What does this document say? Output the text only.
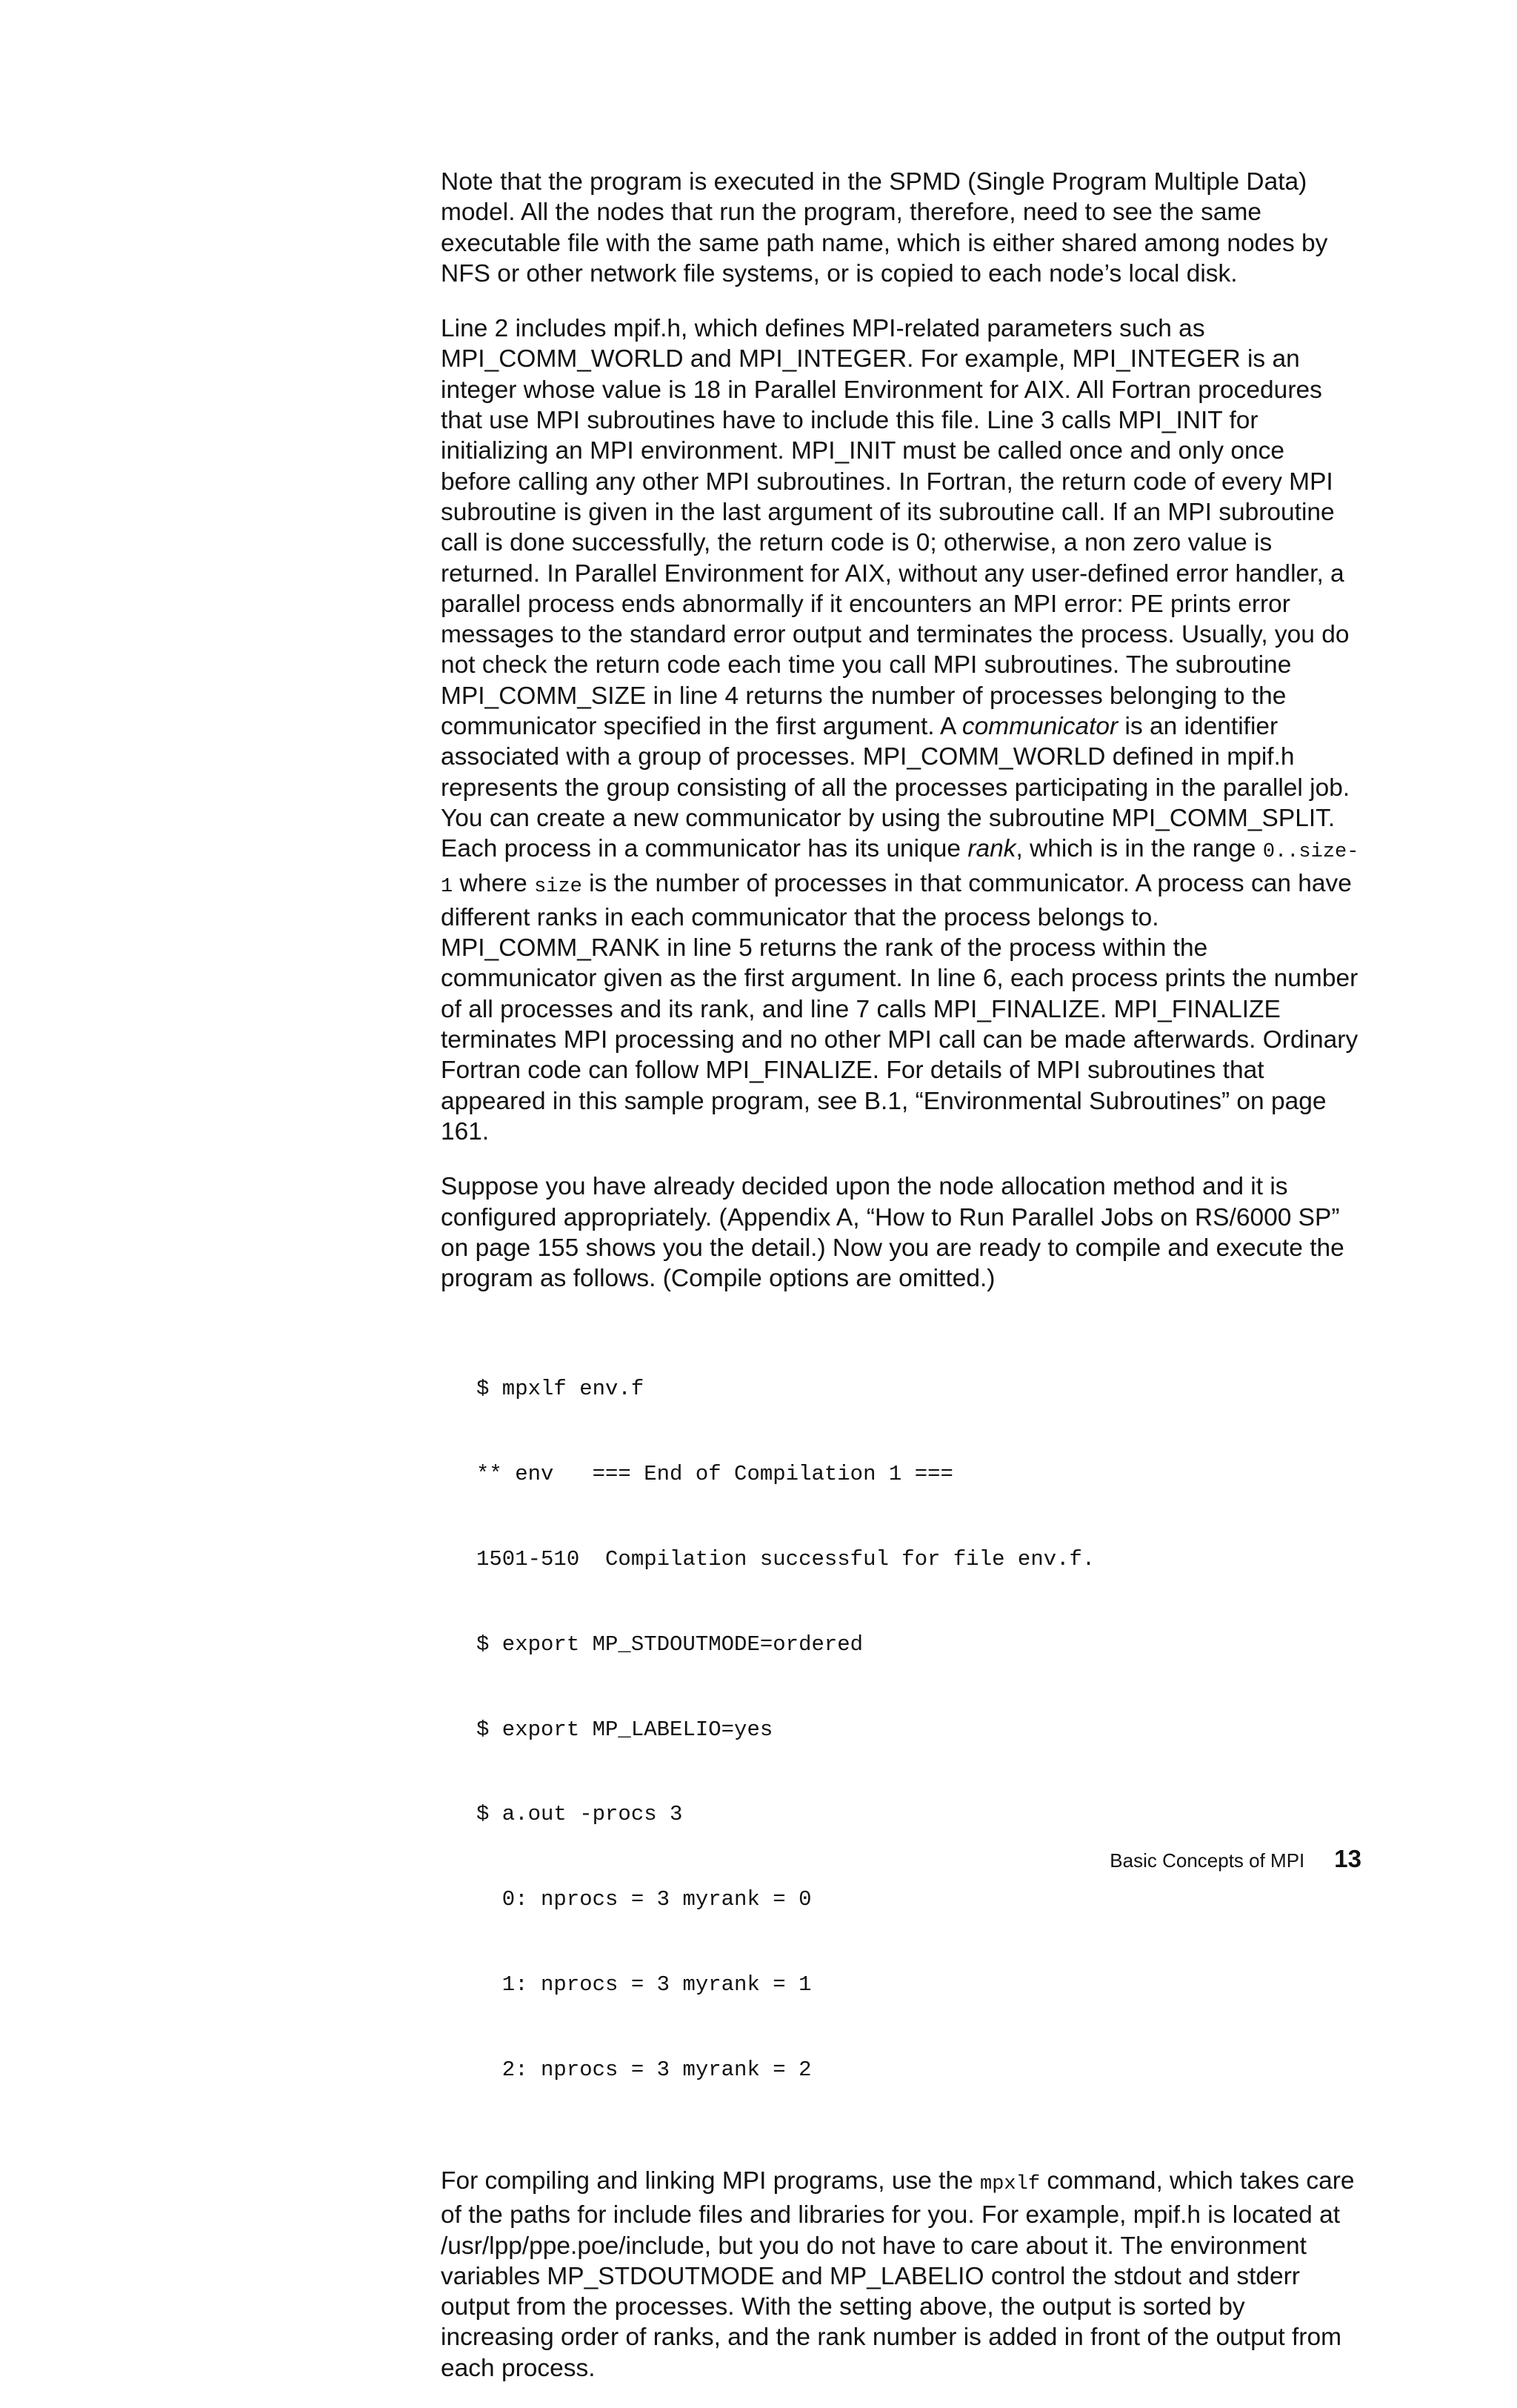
Note that the program is executed in the SPMD (Single Program Multiple Data) model. All the nodes that run the program, therefore, need to see the same executable file with the same path name, which is either shared among nodes by NFS or other network file systems, or is copied to each node’s local disk.

Line 2 includes mpif.h, which defines MPI-related parameters such as MPI_COMM_WORLD and MPI_INTEGER. For example, MPI_INTEGER is an integer whose value is 18 in Parallel Environment for AIX. All Fortran procedures that use MPI subroutines have to include this file. Line 3 calls MPI_INIT for initializing an MPI environment. MPI_INIT must be called once and only once before calling any other MPI subroutines. In Fortran, the return code of every MPI subroutine is given in the last argument of its subroutine call. If an MPI subroutine call is done successfully, the return code is 0; otherwise, a non zero value is returned. In Parallel Environment for AIX, without any user-defined error handler, a parallel process ends abnormally if it encounters an MPI error: PE prints error messages to the standard error output and terminates the process. Usually, you do not check the return code each time you call MPI subroutines. The subroutine MPI_COMM_SIZE in line 4 returns the number of processes belonging to the communicator specified in the first argument. A communicator is an identifier associated with a group of processes. MPI_COMM_WORLD defined in mpif.h represents the group consisting of all the processes participating in the parallel job. You can create a new communicator by using the subroutine MPI_COMM_SPLIT. Each process in a communicator has its unique rank, which is in the range 0..size-1 where size is the number of processes in that communicator. A process can have different ranks in each communicator that the process belongs to. MPI_COMM_RANK in line 5 returns the rank of the process within the communicator given as the first argument. In line 6, each process prints the number of all processes and its rank, and line 7 calls MPI_FINALIZE. MPI_FINALIZE terminates MPI processing and no other MPI call can be made afterwards. Ordinary Fortran code can follow MPI_FINALIZE. For details of MPI subroutines that appeared in this sample program, see B.1, “Environmental Subroutines” on page 161.

Suppose you have already decided upon the node allocation method and it is configured appropriately. (Appendix A, “How to Run Parallel Jobs on RS/6000 SP” on page 155 shows you the detail.) Now you are ready to compile and execute the program as follows. (Compile options are omitted.)

$ mpxlf env.f

** env   === End of Compilation 1 ===

1501-510  Compilation successful for file env.f.

$ export MP_STDOUTMODE=ordered

$ export MP_LABELIO=yes

$ a.out -procs 3

0: nprocs = 3 myrank = 0

1: nprocs = 3 myrank = 1

2: nprocs = 3 myrank = 2

For compiling and linking MPI programs, use the mpxlf command, which takes care of the paths for include files and libraries for you. For example, mpif.h is located at /usr/lpp/ppe.poe/include, but you do not have to care about it. The environment variables MP_STDOUTMODE and MP_LABELIO control the stdout and stderr output from the processes. With the setting above, the output is sorted by increasing order of ranks, and the rank number is added in front of the output from each process.

Basic Concepts of MPI 13
